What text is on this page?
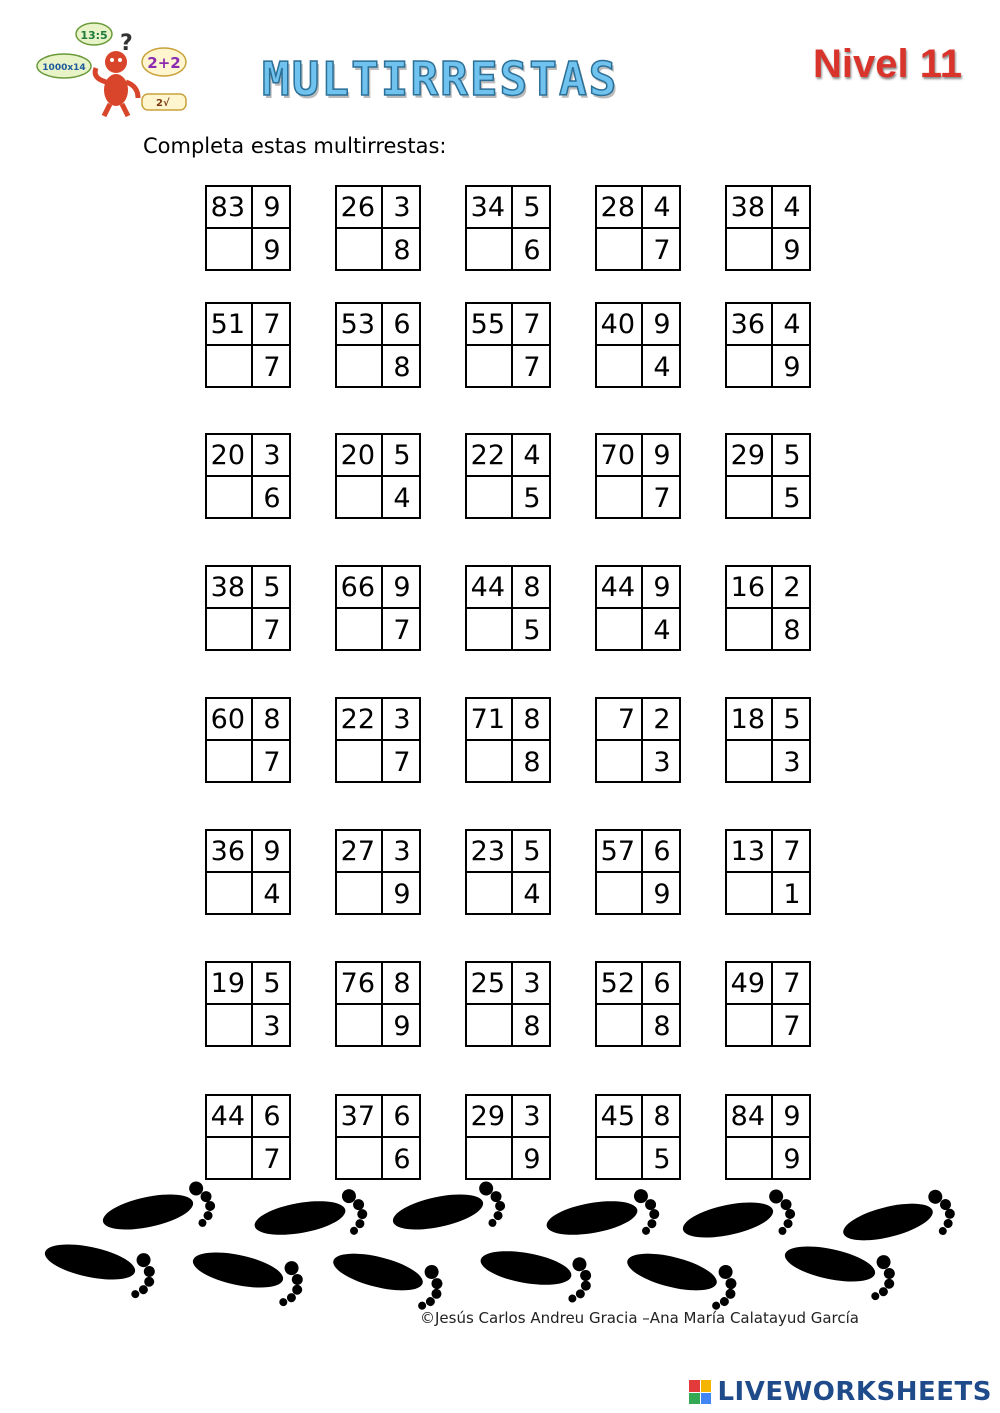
13:5
1000x14	2+2
2√
?
MULTIRRESTAS	Nivel 11
Completa estas multirrestas:
83 9
9
26 3
8
34 5
6
28 4
7
38 4
9
51 7
7
53 6
8
55 7
7
40 9
4
36 4
9
20 3
6
20 5
4
22 4
5
70 9
7
29 5
5
38 5
7
66 9
7
44 8
5
44 9
4
16 2
8
60 8
7
22 3
7
71 8
8
7 2
3
18 5
3
36 9
4
27 3
9
23 5
4
57 6
9
13 7
1
19 5
3
76 8
9
25 3
8
52 6
8
49 7
7
44 6
7
37 6
6
29 3
9
45 8
5
84 9
9
©Jesús Carlos Andreu Gracia –Ana María Calatayud García
LIVEWORKSHEETS
